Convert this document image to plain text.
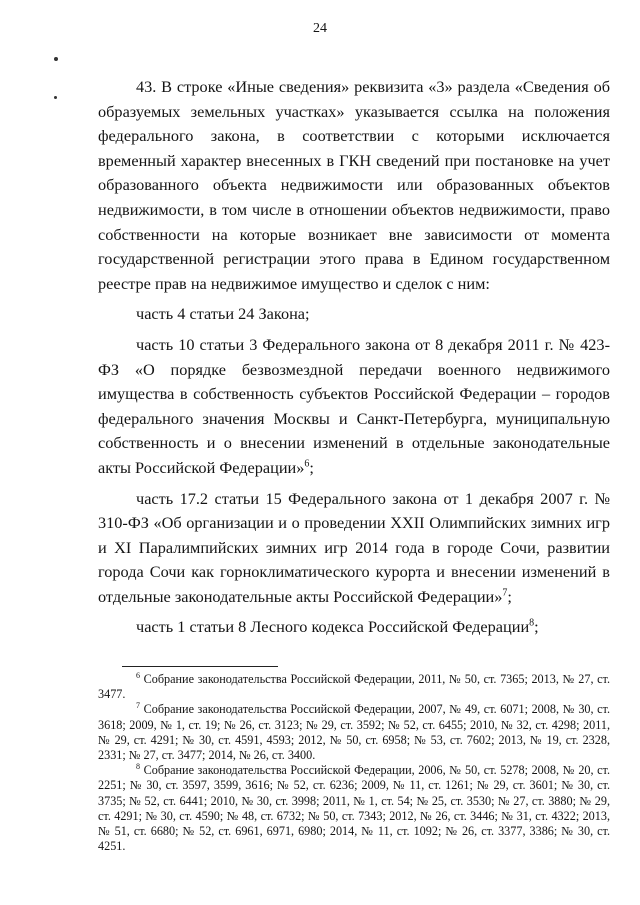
24

43. В строке «Иные сведения» реквизита «3» раздела «Сведения об образуемых земельных участках» указывается ссылка на положения федерального закона, в соответствии с которыми исключается временный характер внесенных в ГКН сведений при постановке на учет образованного объекта недвижимости или образованных объектов недвижимости, в том числе в отношении объектов недвижимости, право собственности на которые возникает вне зависимости от момента государственной регистрации этого права в Едином государственном реестре прав на недвижимое имущество и сделок с ним:

часть 4 статьи 24 Закона;

часть 10 статьи 3 Федерального закона от 8 декабря 2011 г. № 423-ФЗ «О порядке безвозмездной передачи военного недвижимого имущества в собственность субъектов Российской Федерации – городов федерального значения Москвы и Санкт-Петербурга, муниципальную собственность и о внесении изменений в отдельные законодательные акты Российской Федерации»$^6$;

часть 17.2 статьи 15 Федерального закона от 1 декабря 2007 г. № 310-ФЗ «Об организации и о проведении XXII Олимпийских зимних игр и XI Паралимпийских зимних игр 2014 года в городе Сочи, развитии города Сочи как горноклиматического курорта и внесении изменений в отдельные законодательные акты Российской Федерации»$^7$;

часть 1 статьи 8 Лесного кодекса Российской Федерации$^8$;

$^6$ Собрание законодательства Российской Федерации, 2011, № 50, ст. 7365; 2013, № 27, ст. 3477.

$^7$ Собрание законодательства Российской Федерации, 2007, № 49, ст. 6071; 2008, № 30, ст. 3618; 2009, № 1, ст. 19; № 26, ст. 3123; № 29, ст. 3592; № 52, ст. 6455; 2010, № 32, ст. 4298; 2011, № 29, ст. 4291; № 30, ст. 4591, 4593; 2012, № 50, ст. 6958; № 53, ст. 7602; 2013, № 19, ст. 2328, 2331; № 27, ст. 3477; 2014, № 26, ст. 3400.

$^8$ Собрание законодательства Российской Федерации, 2006, № 50, ст. 5278; 2008, № 20, ст. 2251; № 30, ст. 3597, 3599, 3616; № 52, ст. 6236; 2009, № 11, ст. 1261; № 29, ст. 3601; № 30, ст. 3735; № 52, ст. 6441; 2010, № 30, ст. 3998; 2011, № 1, ст. 54; № 25, ст. 3530; № 27, ст. 3880; № 29, ст. 4291; № 30, ст. 4590; № 48, ст. 6732; № 50, ст. 7343; 2012, № 26, ст. 3446; № 31, ст. 4322; 2013, № 51, ст. 6680; № 52, ст. 6961, 6971, 6980; 2014, № 11, ст. 1092; № 26, ст. 3377, 3386; № 30, ст. 4251.
